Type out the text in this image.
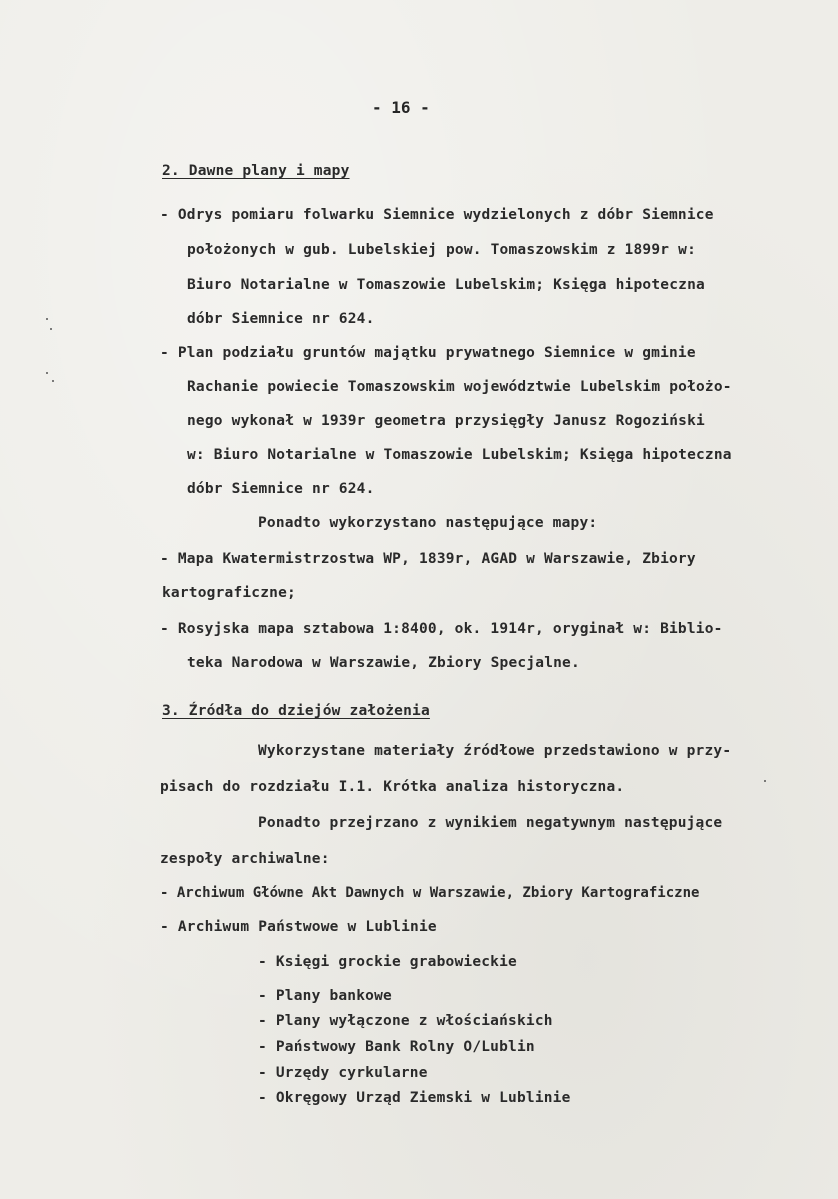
- 16 -
2. Dawne plany i mapy
- Odrys pomiaru folwarku Siemnice wydzielonych z dóbr Siemnice
położonych w gub. Lubelskiej pow. Tomaszowskim z 1899r w:
Biuro Notarialne w Tomaszowie Lubelskim; Księga hipoteczna
dóbr Siemnice nr 624.
- Plan podziału gruntów majątku prywatnego Siemnice w gminie
Rachanie powiecie Tomaszowskim województwie Lubelskim położo-
nego wykonał w 1939r geometra przysięgły Janusz Rogoziński
w: Biuro Notarialne w Tomaszowie Lubelskim; Księga hipoteczna
dóbr Siemnice nr 624.
Ponadto wykorzystano następujące mapy:
- Mapa Kwatermistrzostwa WP, 1839r, AGAD w Warszawie, Zbiory
kartograficzne;
- Rosyjska mapa sztabowa 1:8400, ok. 1914r, oryginał w: Biblio-
teka Narodowa w Warszawie, Zbiory Specjalne.
3. Źródła do dziejów założenia
Wykorzystane materiały źródłowe przedstawiono w przy-
pisach do rozdziału I.1. Krótka analiza historyczna.
Ponadto przejrzano z wynikiem negatywnym następujące
zespoły archiwalne:
- Archiwum Główne Akt Dawnych w Warszawie, Zbiory Kartograficzne
- Archiwum Państwowe w Lublinie
- Księgi grockie grabowieckie
- Plany bankowe
- Plany wyłączone z włościańskich
- Państwowy Bank Rolny O/Lublin
- Urzędy cyrkularne
- Okręgowy Urząd Ziemski w Lublinie
